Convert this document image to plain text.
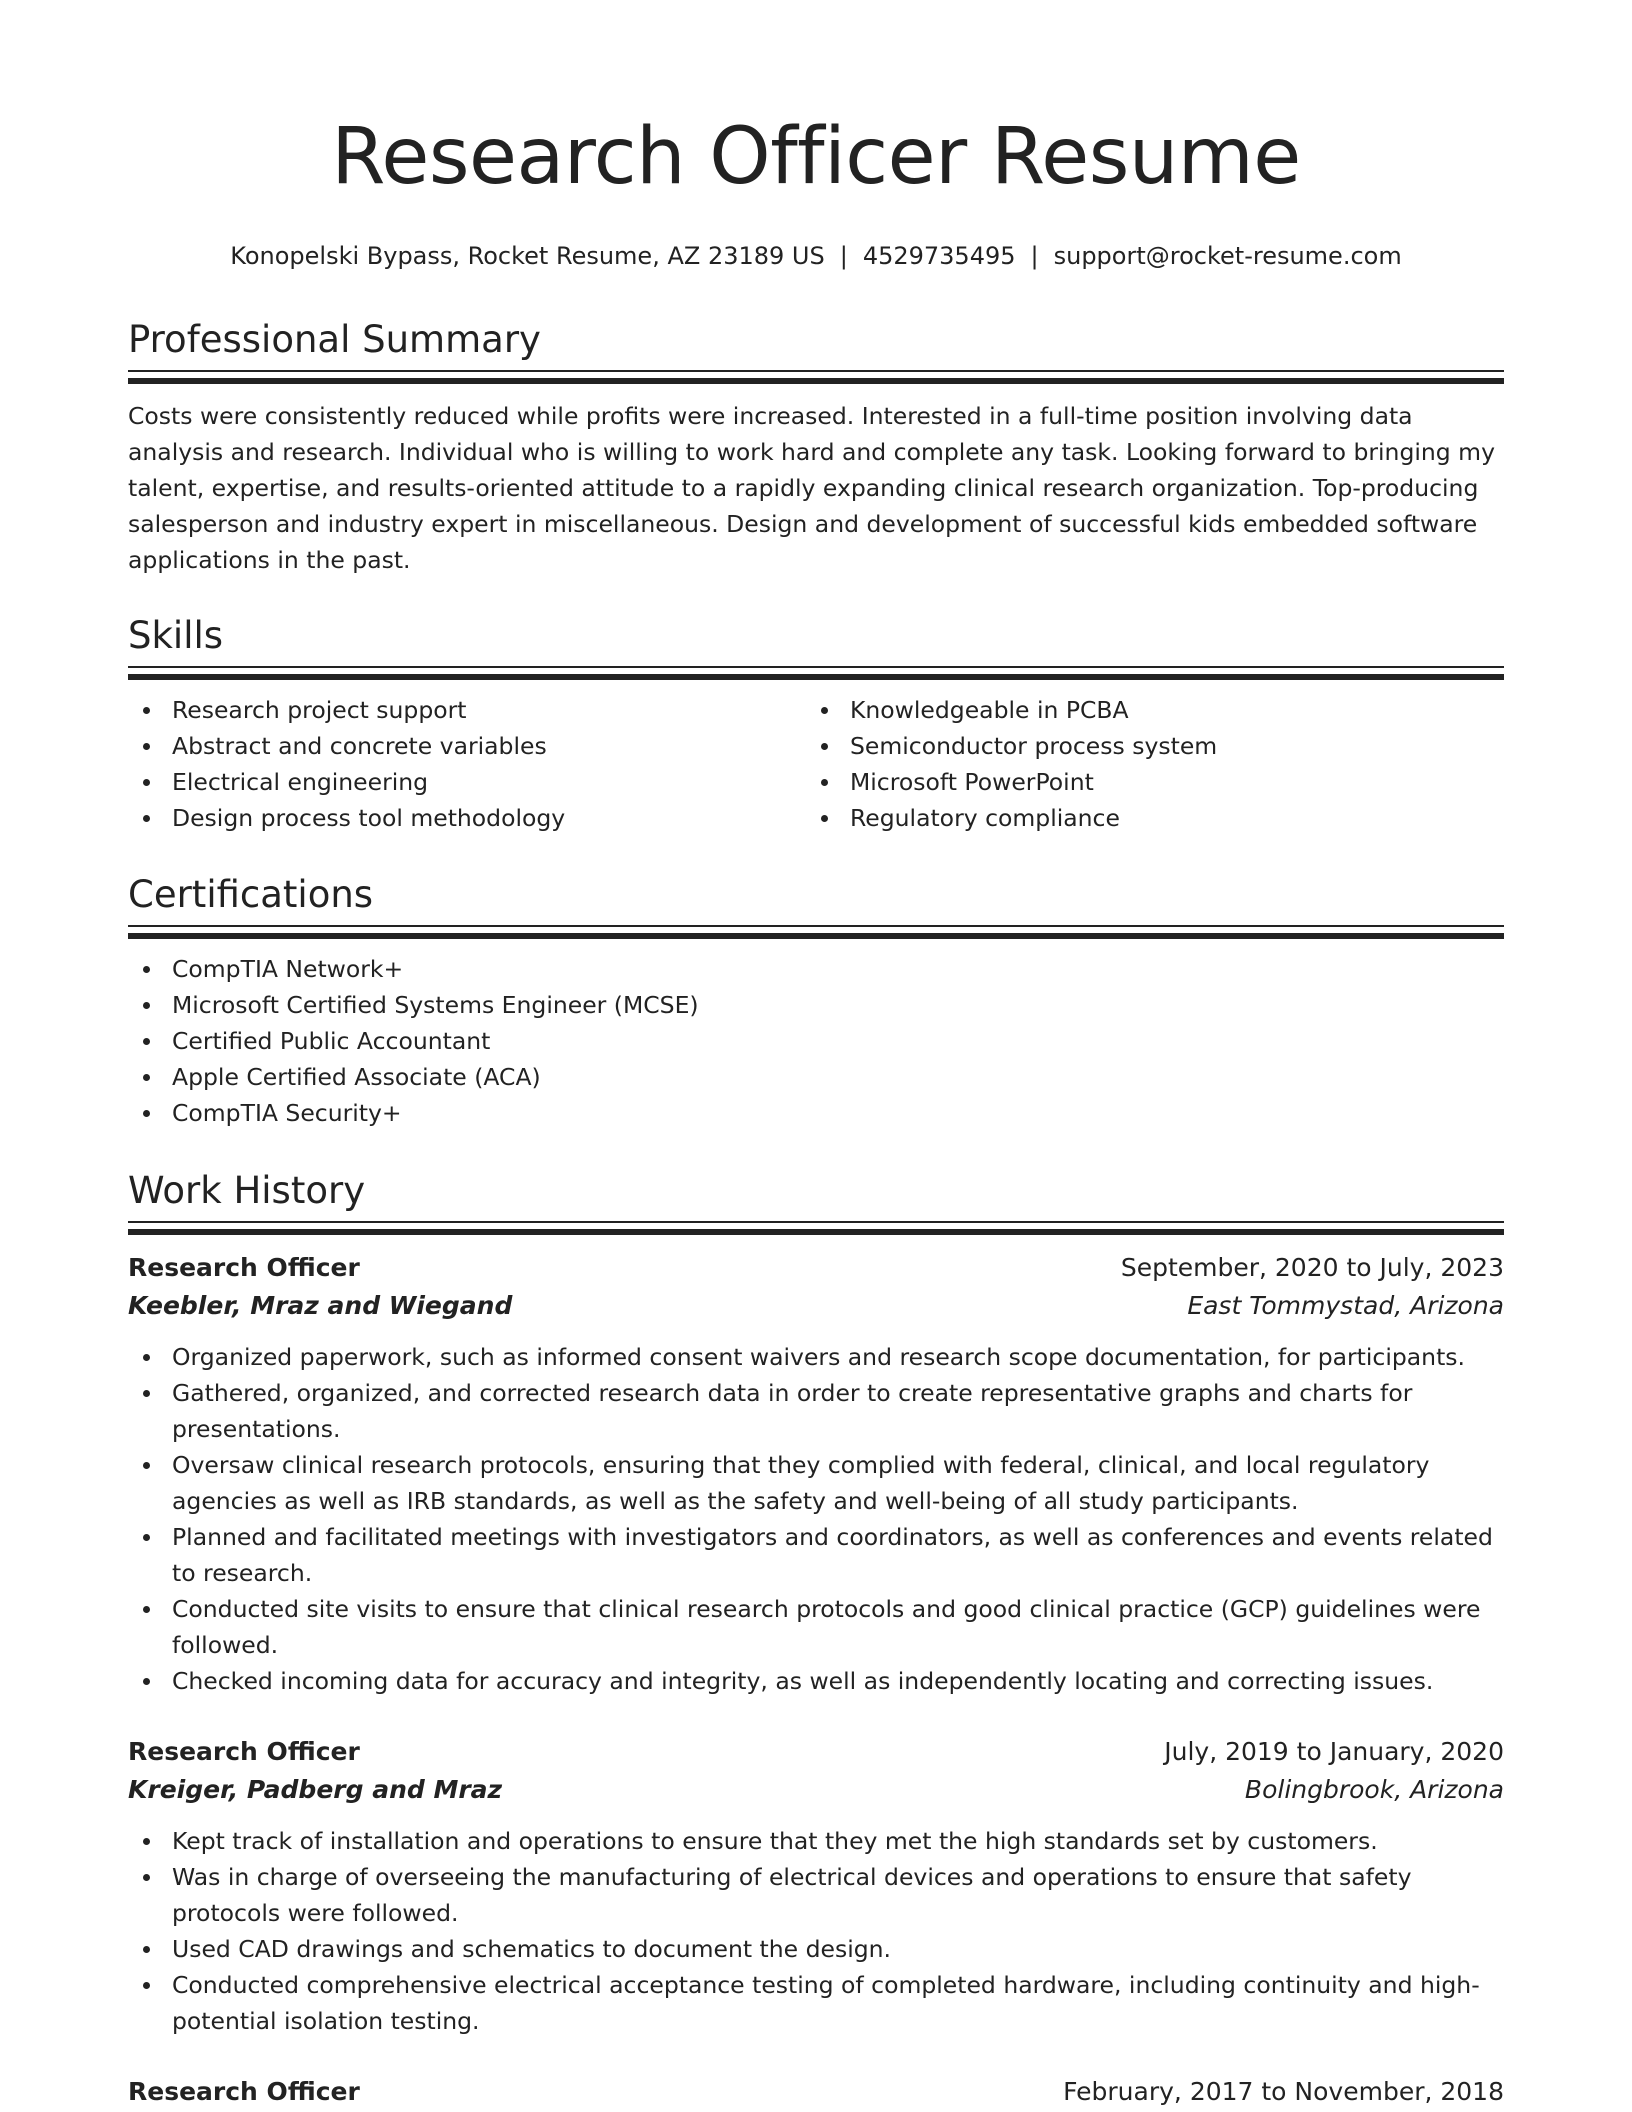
Research Officer Resume
Konopelski Bypass, Rocket Resume, AZ 23189 US | 4529735495 | support@rocket-resume.com
Professional Summary
Costs were consistently reduced while profits were increased. Interested in a full-time position involving data analysis and research. Individual who is willing to work hard and complete any task. Looking forward to bringing my talent, expertise, and results-oriented attitude to a rapidly expanding clinical research organization. Top-producing salesperson and industry expert in miscellaneous. Design and development of successful kids embedded software applications in the past.
Skills
Research project support
Abstract and concrete variables
Electrical engineering
Design process tool methodology
Knowledgeable in PCBA
Semiconductor process system
Microsoft PowerPoint
Regulatory compliance
Certifications
CompTIA Network+
Microsoft Certified Systems Engineer (MCSE)
Certified Public Accountant
Apple Certified Associate (ACA)
CompTIA Security+
Work History
Research Officer	September, 2020 to July, 2023
Keebler, Mraz and Wiegand	East Tommystad, Arizona
Organized paperwork, such as informed consent waivers and research scope documentation, for participants.
Gathered, organized, and corrected research data in order to create representative graphs and charts for presentations.
Oversaw clinical research protocols, ensuring that they complied with federal, clinical, and local regulatory agencies as well as IRB standards, as well as the safety and well-being of all study participants.
Planned and facilitated meetings with investigators and coordinators, as well as conferences and events related to research.
Conducted site visits to ensure that clinical research protocols and good clinical practice (GCP) guidelines were followed.
Checked incoming data for accuracy and integrity, as well as independently locating and correcting issues.
Research Officer	July, 2019 to January, 2020
Kreiger, Padberg and Mraz	Bolingbrook, Arizona
Kept track of installation and operations to ensure that they met the high standards set by customers.
Was in charge of overseeing the manufacturing of electrical devices and operations to ensure that safety protocols were followed.
Used CAD drawings and schematics to document the design.
Conducted comprehensive electrical acceptance testing of completed hardware, including continuity and high-potential isolation testing.
Research Officer	February, 2017 to November, 2018
